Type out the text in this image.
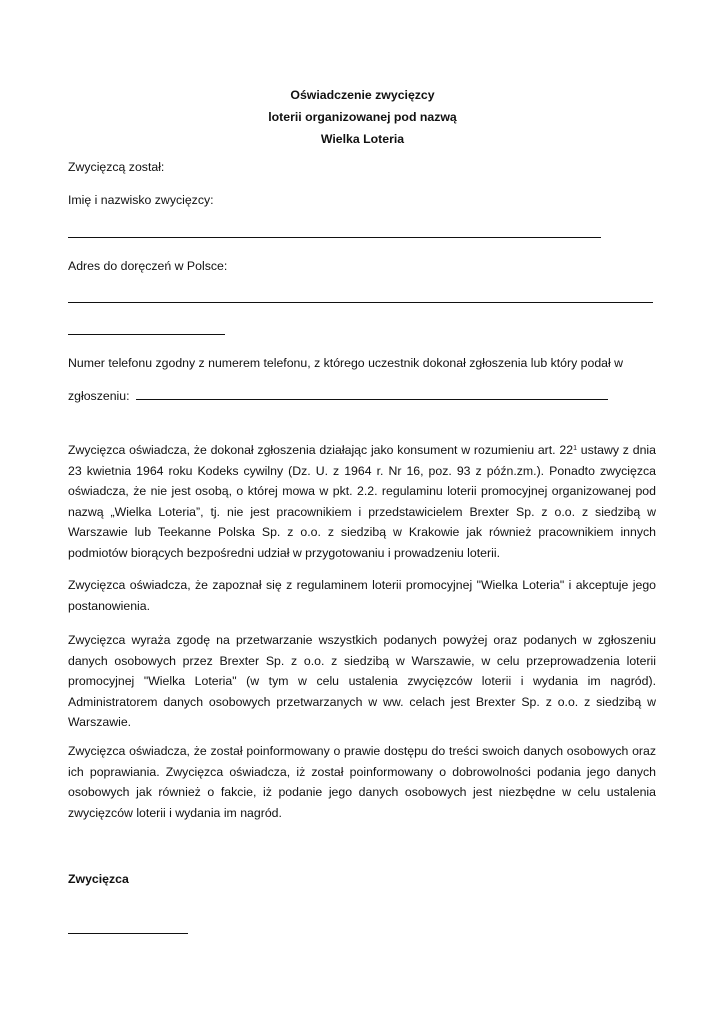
Oświadczenie zwycięzcy
loterii organizowanej pod nazwą
Wielka Loteria
Zwycięzcą został:
Imię i nazwisko zwycięzcy:
Adres do doręczeń w Polsce:
Numer telefonu zgodny z numerem telefonu, z którego uczestnik dokonał zgłoszenia lub który podał w
zgłoszeniu:
Zwycięzca oświadcza, że dokonał zgłoszenia działając jako konsument w rozumieniu art. $22^1$ ustawy z dnia 23 kwietnia 1964 roku Kodeks cywilny (Dz. U. z 1964 r. Nr 16, poz. 93 z późn.zm.). Ponadto zwycięzca oświadcza, że nie jest osobą, o której mowa w pkt. 2.2. regulaminu loterii promocyjnej organizowanej pod nazwą „Wielka Loteria”, tj. nie jest pracownikiem i przedstawicielem Brexter Sp. z o.o. z siedzibą w Warszawie lub Teekanne Polska Sp. z o.o. z siedzibą w Krakowie jak również pracownikiem innych podmiotów biorących bezpośredni udział w przygotowaniu i prowadzeniu loterii.
Zwycięzca oświadcza, że zapoznał się z regulaminem loterii promocyjnej "Wielka Loteria" i akceptuje jego postanowienia.
Zwycięzca wyraża zgodę na przetwarzanie wszystkich podanych powyżej oraz podanych w zgłoszeniu danych osobowych przez Brexter Sp. z o.o. z siedzibą w Warszawie, w celu przeprowadzenia loterii promocyjnej "Wielka Loteria" (w tym w celu ustalenia zwycięzców loterii i wydania im nagród). Administratorem danych osobowych przetwarzanych w ww. celach jest Brexter Sp. z o.o. z siedzibą w Warszawie.
Zwycięzca oświadcza, że został poinformowany o prawie dostępu do treści swoich danych osobowych oraz ich poprawiania. Zwycięzca oświadcza, iż został poinformowany o dobrowolności podania jego danych osobowych jak również o fakcie, iż podanie jego danych osobowych jest niezbędne w celu ustalenia zwycięzców loterii i wydania im nagród.
Zwycięzca
